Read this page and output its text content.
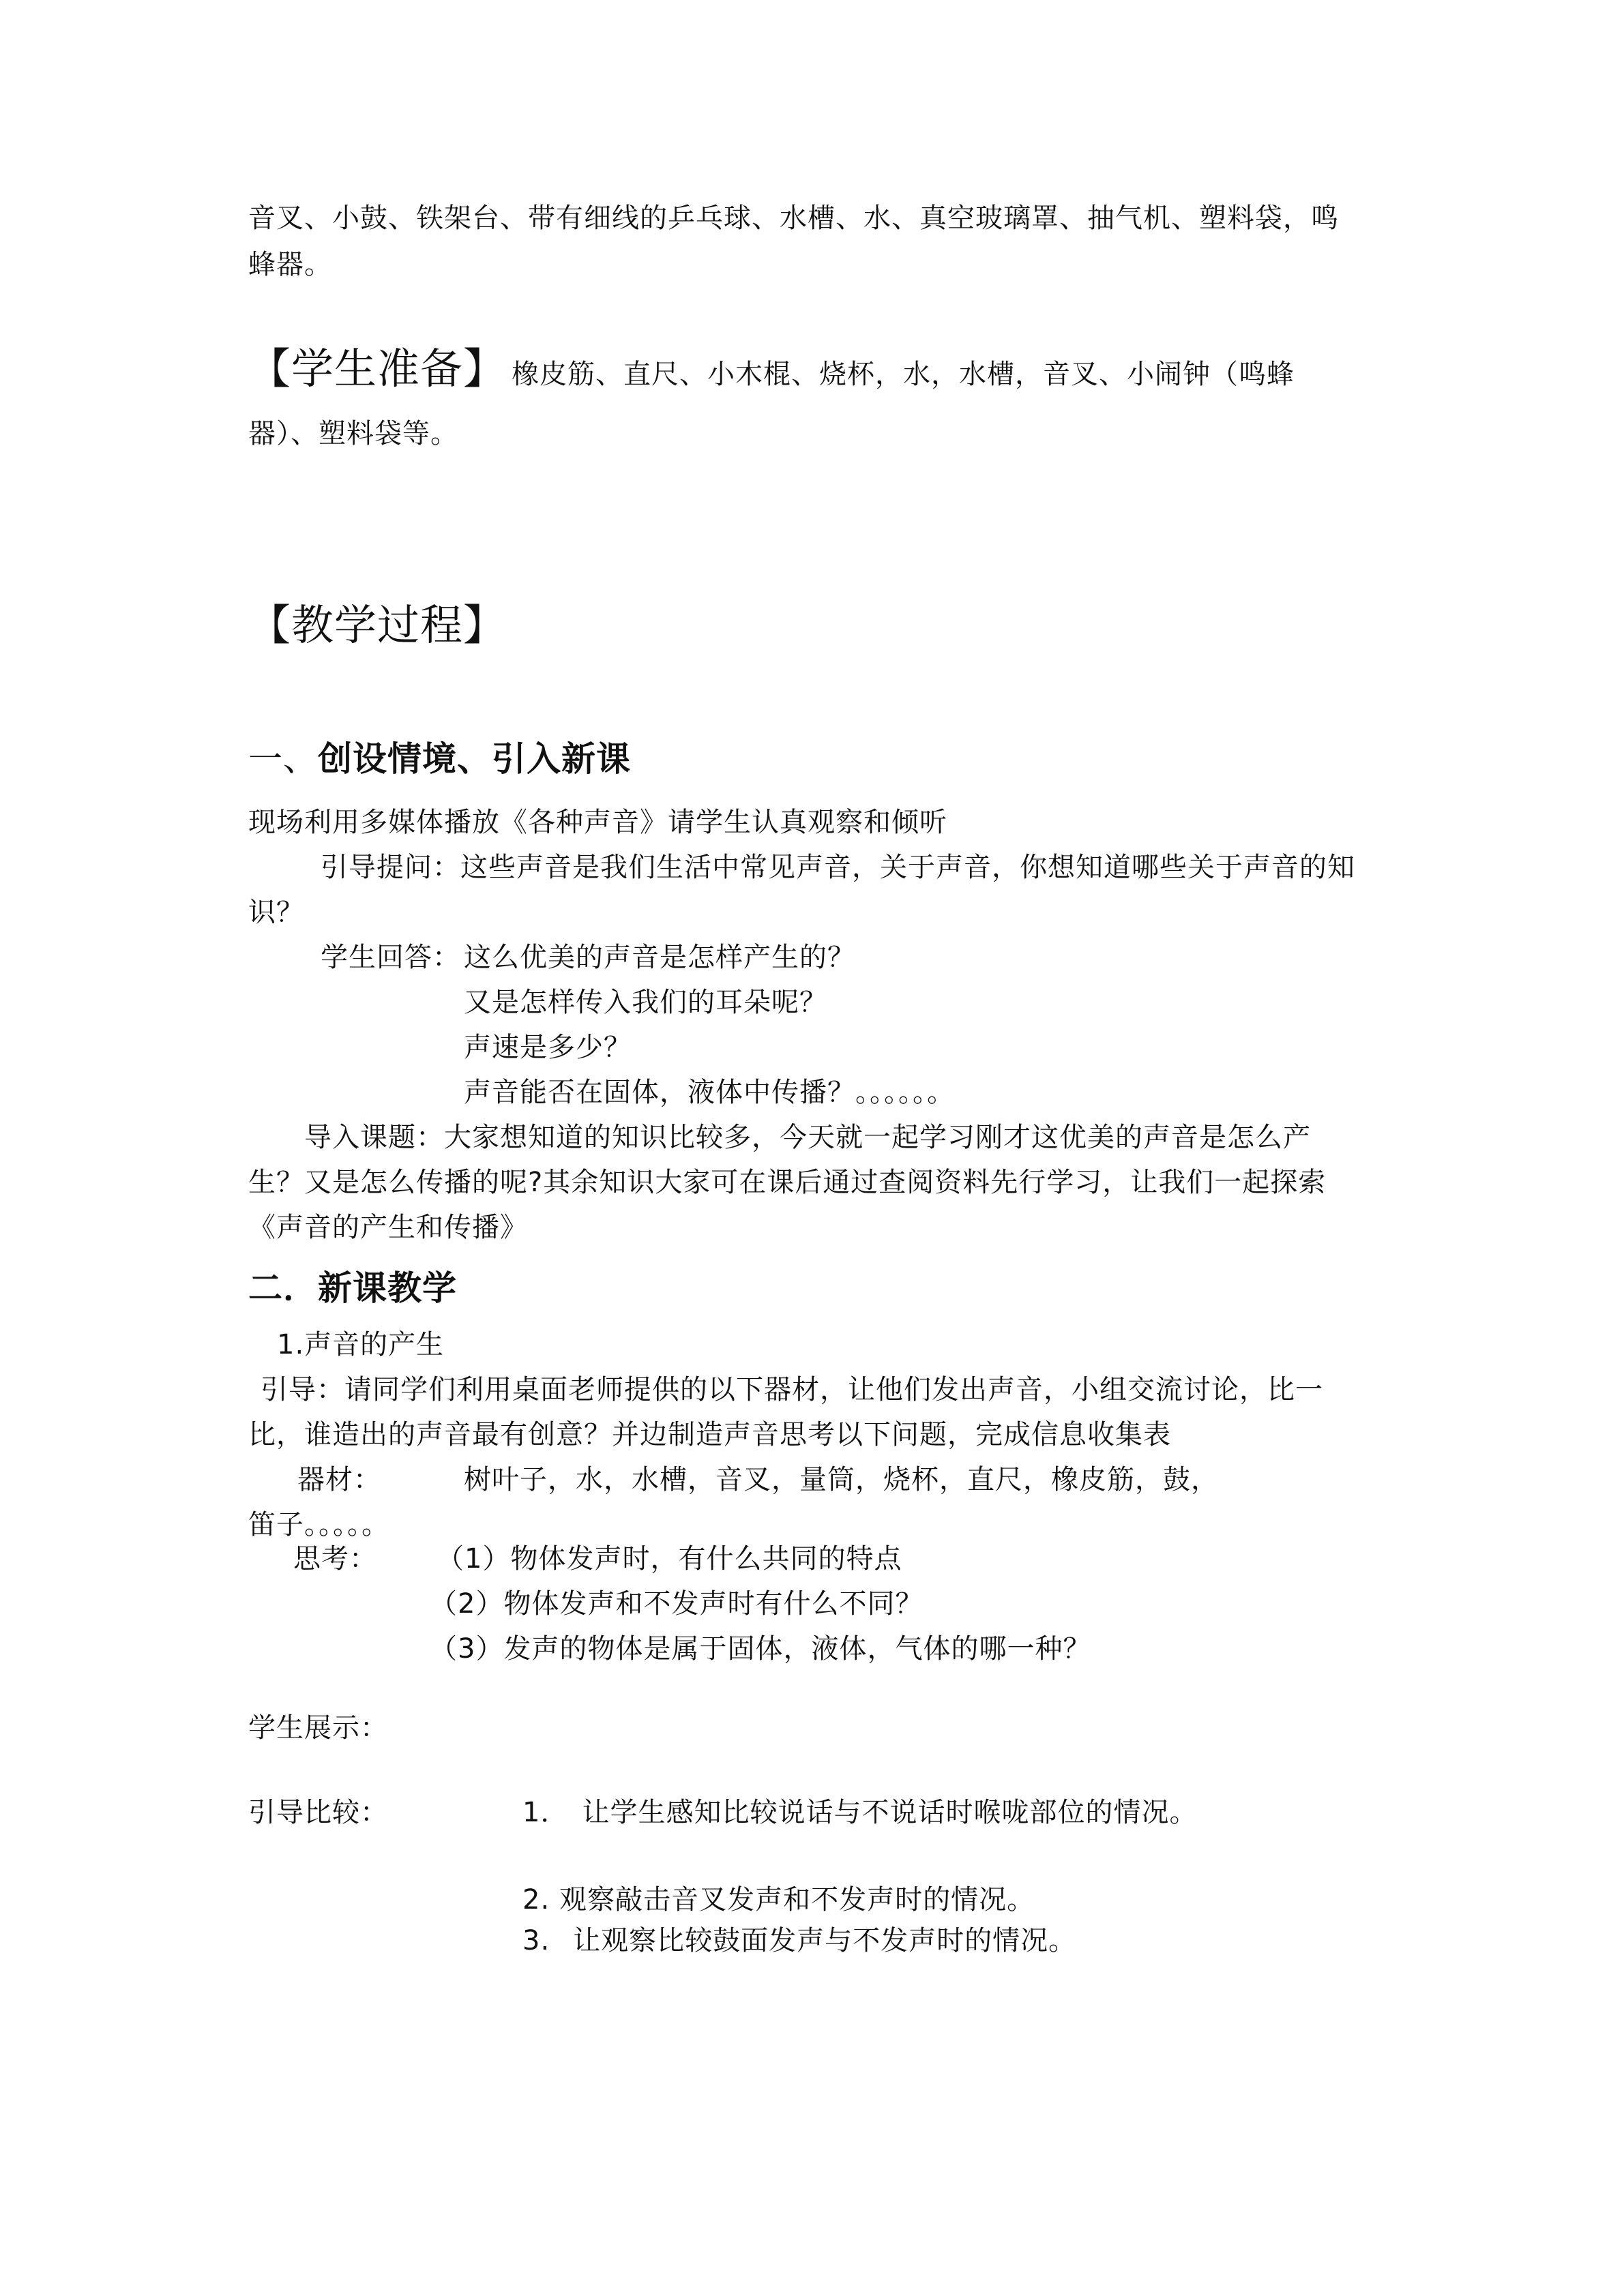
音叉、小鼓、铁架台、带有细线的乒乓球、水槽、水、真空玻璃罩、抽气机、塑料袋，鸣
蜂器。
【学生准备】 橡皮筋、直尺、小木棍、烧杯，水，水槽，音叉、小闹钟（鸣蜂
器）、塑料袋等。
【教学过程】
一、创设情境、引入新课
现场利用多媒体播放《各种声音》请学生认真观察和倾听
引导提问：这些声音是我们生活中常见声音，关于声音，你想知道哪些关于声音的知
识？
学生回答： 这么优美的声音是怎样产生的？
又是怎样传入我们的耳朵呢？
声速是多少？
声音能否在固体，液体中传播？。。。。。。
导入课题：大家想知道的知识比较多，今天就一起学习刚才这优美的声音是怎么产
生？又是怎么传播的呢?其余知识大家可在课后通过查阅资料先行学习，让我们一起探索
《声音的产生和传播》
二．新课教学
1.声音的产生
引导：请同学们利用桌面老师提供的以下器材，让他们发出声音，小组交流讨论，比一
比，谁造出的声音最有创意？并边制造声音思考以下问题，完成信息收集表
器材：	树叶子，水，水槽，音叉，量筒，烧杯，直尺，橡皮筋，鼓，
笛子。。。。。
思考： （1）物体发声时，有什么共同的特点
（2）物体发声和不发声时有什么不同？
（3）发声的物体是属于固体，液体，气体的哪一种？
学生展示：
引导比较：	1． 让学生感知比较说话与不说话时喉咙部位的情况。
2. 观察敲击音叉发声和不发声时的情况。
3. 让观察比较鼓面发声与不发声时的情况。
